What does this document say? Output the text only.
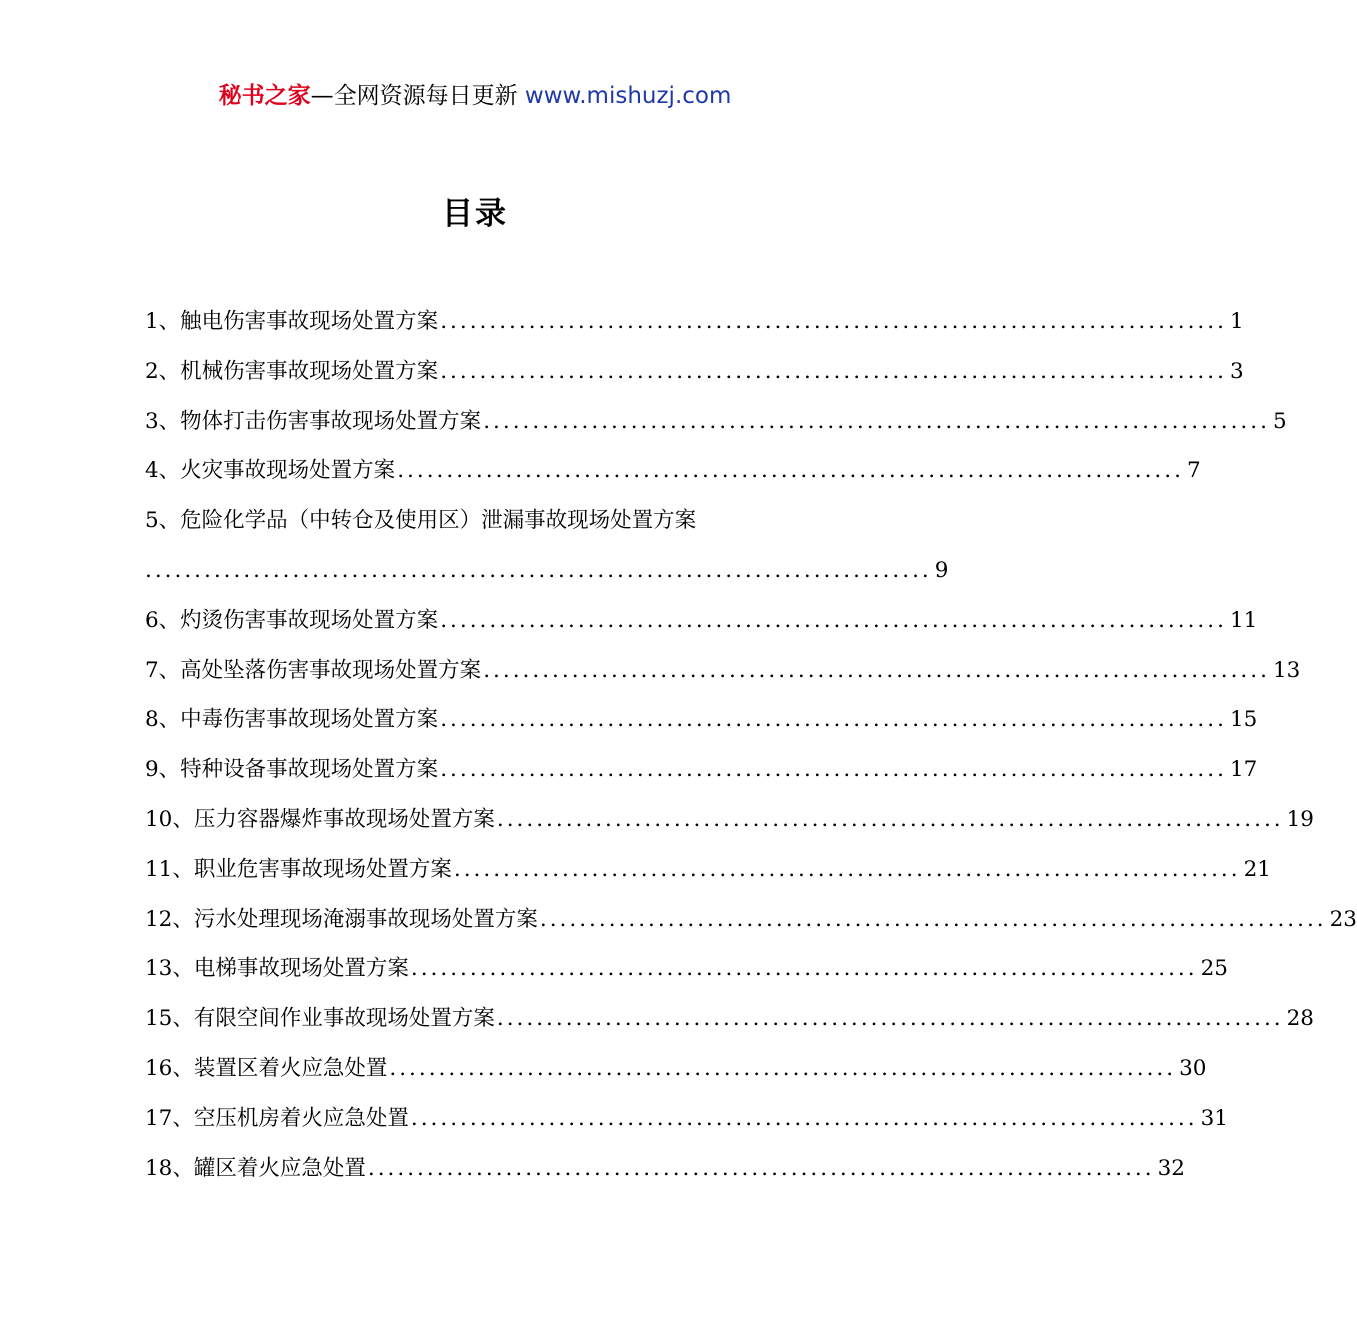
秘书之家—全网资源每日更新 www.mishuzj.com
目录
1、触电伤害事故现场处置方案 ................................................................................ 1
2、机械伤害事故现场处置方案 ................................................................................ 3
3、物体打击伤害事故现场处置方案 ................................................................................ 5
4、火灾事故现场处置方案 ................................................................................ 7
5、危险化学品（中转仓及使用区）泄漏事故现场处置方案
................................................................................ 9
6、灼烫伤害事故现场处置方案 ................................................................................ 11
7、高处坠落伤害事故现场处置方案 ................................................................................ 13
8、中毒伤害事故现场处置方案 ................................................................................ 15
9、特种设备事故现场处置方案 ................................................................................ 17
10、压力容器爆炸事故现场处置方案 ................................................................................ 19
11、职业危害事故现场处置方案 ................................................................................ 21
12、污水处理现场淹溺事故现场处置方案 ................................................................................ 23
13、电梯事故现场处置方案 ................................................................................ 25
15、有限空间作业事故现场处置方案 ................................................................................ 28
16、装置区着火应急处置 ................................................................................ 30
17、空压机房着火应急处置 ................................................................................ 31
18、罐区着火应急处置 ................................................................................ 32
